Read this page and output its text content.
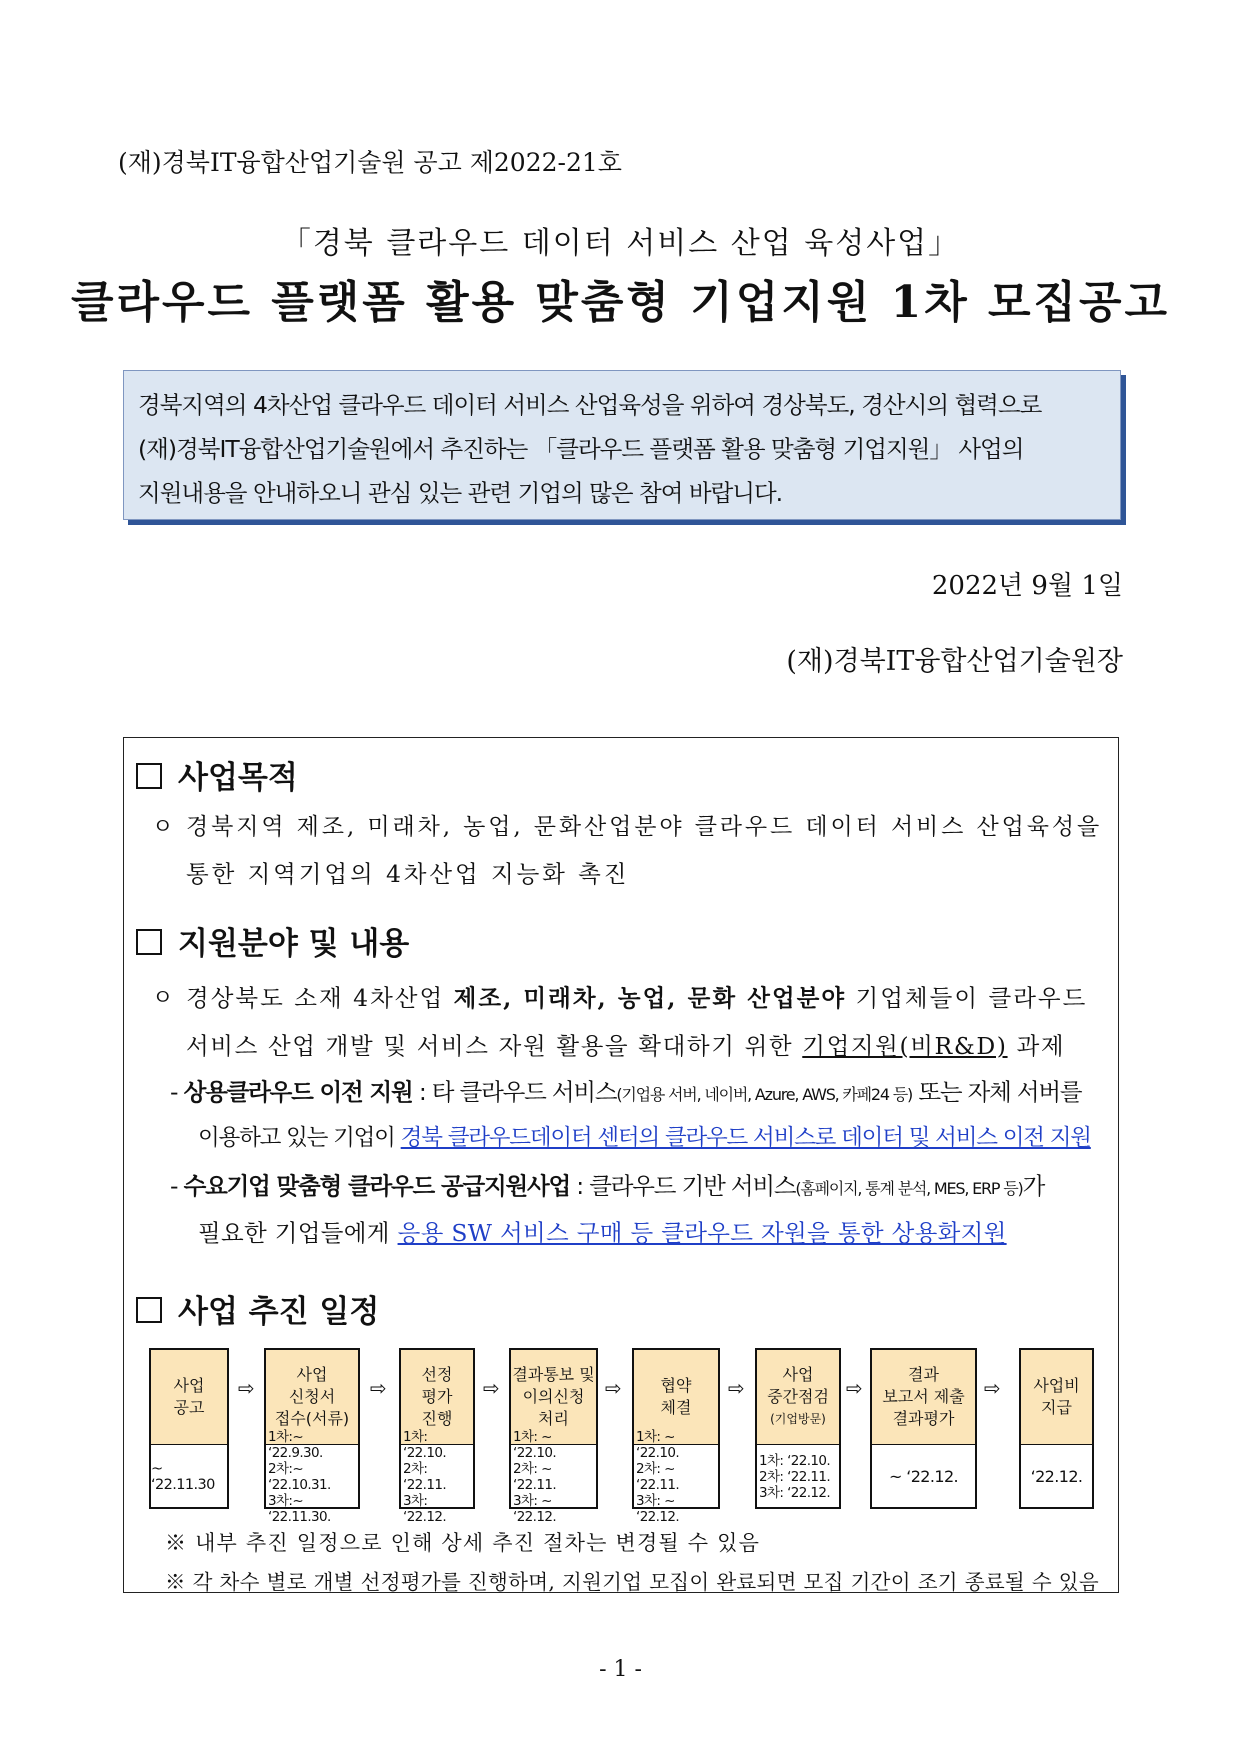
(재)경북IT융합산업기술원 공고 제2022-21호
「경북 클라우드 데이터 서비스 산업 육성사업」
클라우드 플랫폼 활용 맞춤형 기업지원 1차 모집공고

경북지역의 4차산업 클라우드 데이터 서비스 산업육성을 위하여 경상북도, 경산시의 협력으로

(재)경북IT융합산업기술원에서 추진하는 「클라우드 플랫폼 활용 맞춤형 기업지원」 사업의

지원내용을 안내하오니 관심 있는 관련 기업의 많은 참여 바랍니다.

2022년 9월 1일
(재)경북IT융합산업기술원장
사업목적
ㅇ 경북지역 제조, 미래차, 농업, 문화산업분야 클라우드 데이터 서비스 산업육성을
통한 지역기업의 4차산업 지능화 촉진
지원분야 및 내용
ㅇ 경상북도 소재 4차산업 제조, 미래차, 농업, 문화 산업분야 기업체들이 클라우드
서비스 산업 개발 및 서비스 자원 활용을 확대하기 위한 기업지원(비R&D) 과제
- 상용클라우드 이전 지원 : 타 클라우드 서비스(기업용 서버, 네이버, Azure, AWS, 카페24 등) 또는 자체 서버를
이용하고 있는 기업이 경북 클라우드데이터 센터의 클라우드 서비스로 데이터 및 서비스 이전 지원
- 수요기업 맞춤형 클라우드 공급지원사업 : 클라우드 기반 서비스(홈페이지, 통계 분석, MES, ERP 등)가
필요한 기업들에게 응용 SW 서비스 구매 등 클라우드 자원을 통한 상용화지원
사업 추진 일정
사업
공고
~ ‘22.11.30
⇨
사업
신청서
접수(서류)
1차:~ ‘22.9.30.
2차:~ ‘22.10.31.
3차:~ ‘22.11.30.
⇨
선정
평가
진행
1차: ‘22.10.
2차: ‘22.11.
3차: ‘22.12.
⇨
결과통보 및
이의신청
처리
1차: ~ ‘22.10.
2차: ~ ‘22.11.
3차: ~ ‘22.12.
⇨ 협약
체결
1차: ~ ‘22.10.
2차: ~ ‘22.11.
3차: ~ ‘22.12.
⇨
사업
중간점검
(기업방문)
1차: ‘22.10.
2차: ‘22.11.
3차: ‘22.12.
⇨
결과
보고서 제출
결과평가
~ ‘22.12.
⇨ 사업비
지급
‘22.12.
※ 내부 추진 일정으로 인해 상세 추진 절차는 변경될 수 있음
※ 각 차수 별로 개별 선정평가를 진행하며, 지원기업 모집이 완료되면 모집 기간이 조기 종료될 수 있음
- 1 -
